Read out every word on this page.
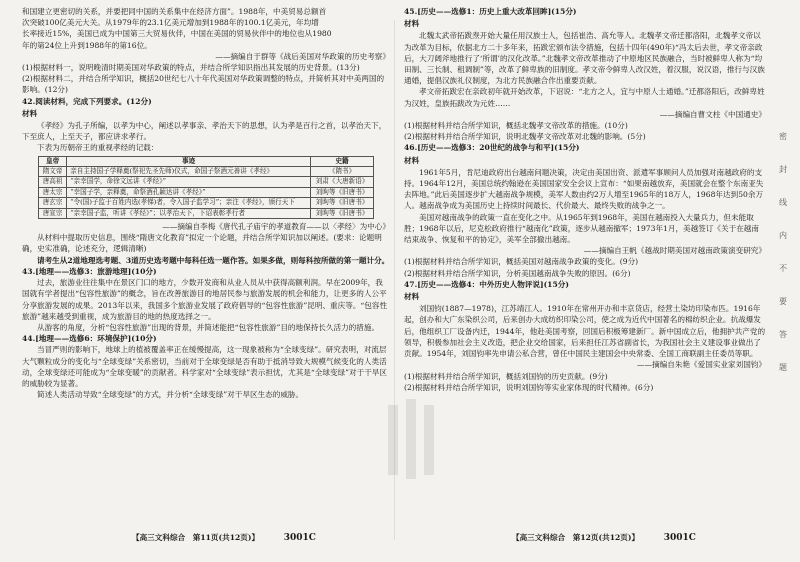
和国建立更密切的关系，并要把同中国的关系集中在经济方面”。1988年，中美贸易总额首

次突破100亿美元大关。从1979年的23.1亿美元增加到1988年的100.1亿美元，年均增

长率接近15%，美国已成为中国第三大贸易伙伴，中国在美国的贸易伙伴中的地位也从1980

年的第24位上升到1988年的第16位。

——摘编自于群等《战后美国对华政策的历史考察》

(1)根据材料一，说明晚清时期美国对华政策的特点，并结合所学知识指出其发展的历史背景。(13分)

(2)根据材料二，并结合所学知识，概括20世纪七八十年代美国对华政策调整的特点，并简析其对中美两国的影响。(12分)

42.阅读材料，完成下列要求。(12分)

材料

《孝经》为孔子所编，以孝为中心，阐述以孝事亲、孝治天下的思想，认为孝是百行之首，以孝治天下，下至庶人，上至天子，都应讲求孝行。

下表为历朝帝王的重视孝经的记载：

皇帝	事迹	史籍
隋文帝	亲自主持国子学释奠(祭祀先圣先师)仪式，命国子祭酒元善讲《孝经》	《隋书》
唐高祖	“亲幸国学，命徐文远讲《孝经》”	刘肃《大唐新语》
唐太宗	“幸国子学，亲释奠，命祭酒孔颖达讲《孝经》”	刘昫等《旧唐书》
唐玄宗	“令(国)子监于百姓内选(孝悌)者，令入国子监学习”；亲注《孝经》，颁行天下	刘昫等《旧唐书》
唐宣宗	“亲幸国子监，听讲《孝经》”；以孝治天下，下诏表彰孝行者	刘昫等《旧唐书》

——摘编自李梅《唐代孔子庙宇的孝道教育——以〈孝经〉为中心》

从材料中提取历史信息，围绕“隋唐文化教育”拟定一个论题，并结合所学知识加以阐述。(要求：论题明确，史实准确，论述充分，逻辑清晰)

请考生从2道地理选考题、3道历史选考题中每科任选一题作答。如果多做，则每科按所做的第一题计分。

43.[地理——选修3：旅游地理](10分)

过去，旅游业往往集中在景区门口的地方，少数开发商和从业人员从中获得高额利润。早在2009年，我国就有学者提出“包容性旅游”的概念，旨在改善旅游目的地居民参与旅游发展的机会和能力，让更多的人公平分享旅游发展的成果。2013年以来，我国多个旅游业发展了政府倡导的“包容性旅游”昆明、重庆等。“包容性旅游”越来越受到重视，成为旅游目的地的热度选择之一。

从游客的角度，分析“包容性旅游”出现的背景，并简述能把“包容性旅游”目的地保持长久活力的措施。

44.[地理——选修6：环境保护](10分)

当冒严则的影响下，地球上的植被覆盖率正在缓慢提高，这一现象被称为“全球变绿”。研究表明，对流层大气颗粒成分的变化与“全球变绿”关系密切，当前对于全球变绿是否有助于抵消导致大规模气候变化的人类活动，全球变绿还可能成为“全球变暖”的贡献者。科学家对“全球变绿”表示担忧，尤其是“全球变绿”对于干旱区的威胁较为显著。

简述人类活动导致“全球变绿”的方式，并分析“全球变绿”对干旱区生态的威胁。

45.[历史——选修1：历史上重大改革回眸](15分)

材料

北魏太武帝拓跋焘开始大量任用汉族士人，包括崔浩、高允等人。北魏孝文帝迁都洛阳，北魏孝文帝以为改革为目标，依据北方二十多年来，拓跋宏颁布法令措施，包括十四年(490年)“冯太后去世，孝文帝亲政后，大刀阔斧地推行了‘所谓’的汉化改革。”北魏孝文帝改革推动了中原地区民族融合，当时被鲜卑人称为“均田制、三长制、租调制”等，改革了鲜卑族的旧制度。孝文帝令鲜卑人改汉姓，着汉服，说汉语，推行与汉族通婚，提倡汉族礼仪制度，为北方民族融合作出重要贡献。

孝文帝拓跋宏在亲政初年就开始改革，下诏说：“北方之人，宜与中原人士通婚。”迁都洛阳后，改鲜卑姓为汉姓，皇族拓跋改为元姓……

——摘编自曹文柱《中国通史》

(1)根据材料并结合所学知识，概括北魏孝文帝改革的措施。(10分)

(2)根据材料并结合所学知识，说明北魏孝文帝改革对北魏的影响。(5分)

46.[历史——选修3：20世纪的战争与和平](15分)

材料

1961年5月，肯尼迪政府出台越南问题决策，决定由美国出资、派遣军事顾问人员加强对南越政府的支持。1964年12月，美国总统约翰逊在美国国家安全会议上宣布：“如果南越放弃，美国就会在整个东南亚失去阵地。”此后美国逐步扩大越南战争规模，美军人数由约2万人增至1965年的18万人，1968年达到50余万人。越南战争成为美国历史上持续时间最长、代价最大、最终失败的战争之一。

美国对越南战争的政策一直在变化之中。从1965年到1968年，美国在越南投入大量兵力，但未能取胜；1968年以后，尼克松政府推行“越南化”政策，逐步从越南撤军；1973年1月，美越签订《关于在越南结束战争、恢复和平的协定》，美军全部撤出越南。

——摘编自王帆《越战时期美国对越南政策演变研究》

(1)根据材料并结合所学知识，概括美国对越南战争政策的变化。(9分)

(2)根据材料并结合所学知识，分析美国越南战争失败的原因。(6分)

47.[历史——选修4：中外历史人物评说](15分)

材料

刘国钧(1887—1978)，江苏靖江人。1910年在常州开办和丰京货店，经营土染坊印染布匹。1916年起，创办和大广东染织公司，后来创办大成纺织印染公司，使之成为近代中国著名的棉纺织企业。抗战爆发后，他组织工厂设备内迁，1944年，他赴美国考察，回国后积极筹建新厂。新中国成立后，他拥护共产党的领导，积极参加社会主义改造，把企业交给国家，后来担任江苏省副省长，为我国社会主义建设事业做出了贡献。1954年，刘国钧率先申请公私合营，曾任中国民主建国会中央常委、全国工商联副主任委员等职。

——摘编自朱艳《爱国实业家刘国钧》

(1)根据材料并结合所学知识，概括刘国钧的历史贡献。(9分)

(2)根据材料并结合所学知识，说明刘国钧等实业家体现的时代精神。(6分)

密
封
线
内
不
要
答
题
【高三文科综合　第11页(共12页)】	3001C	【高三文科综合　第12页(共12页)】	3001C
